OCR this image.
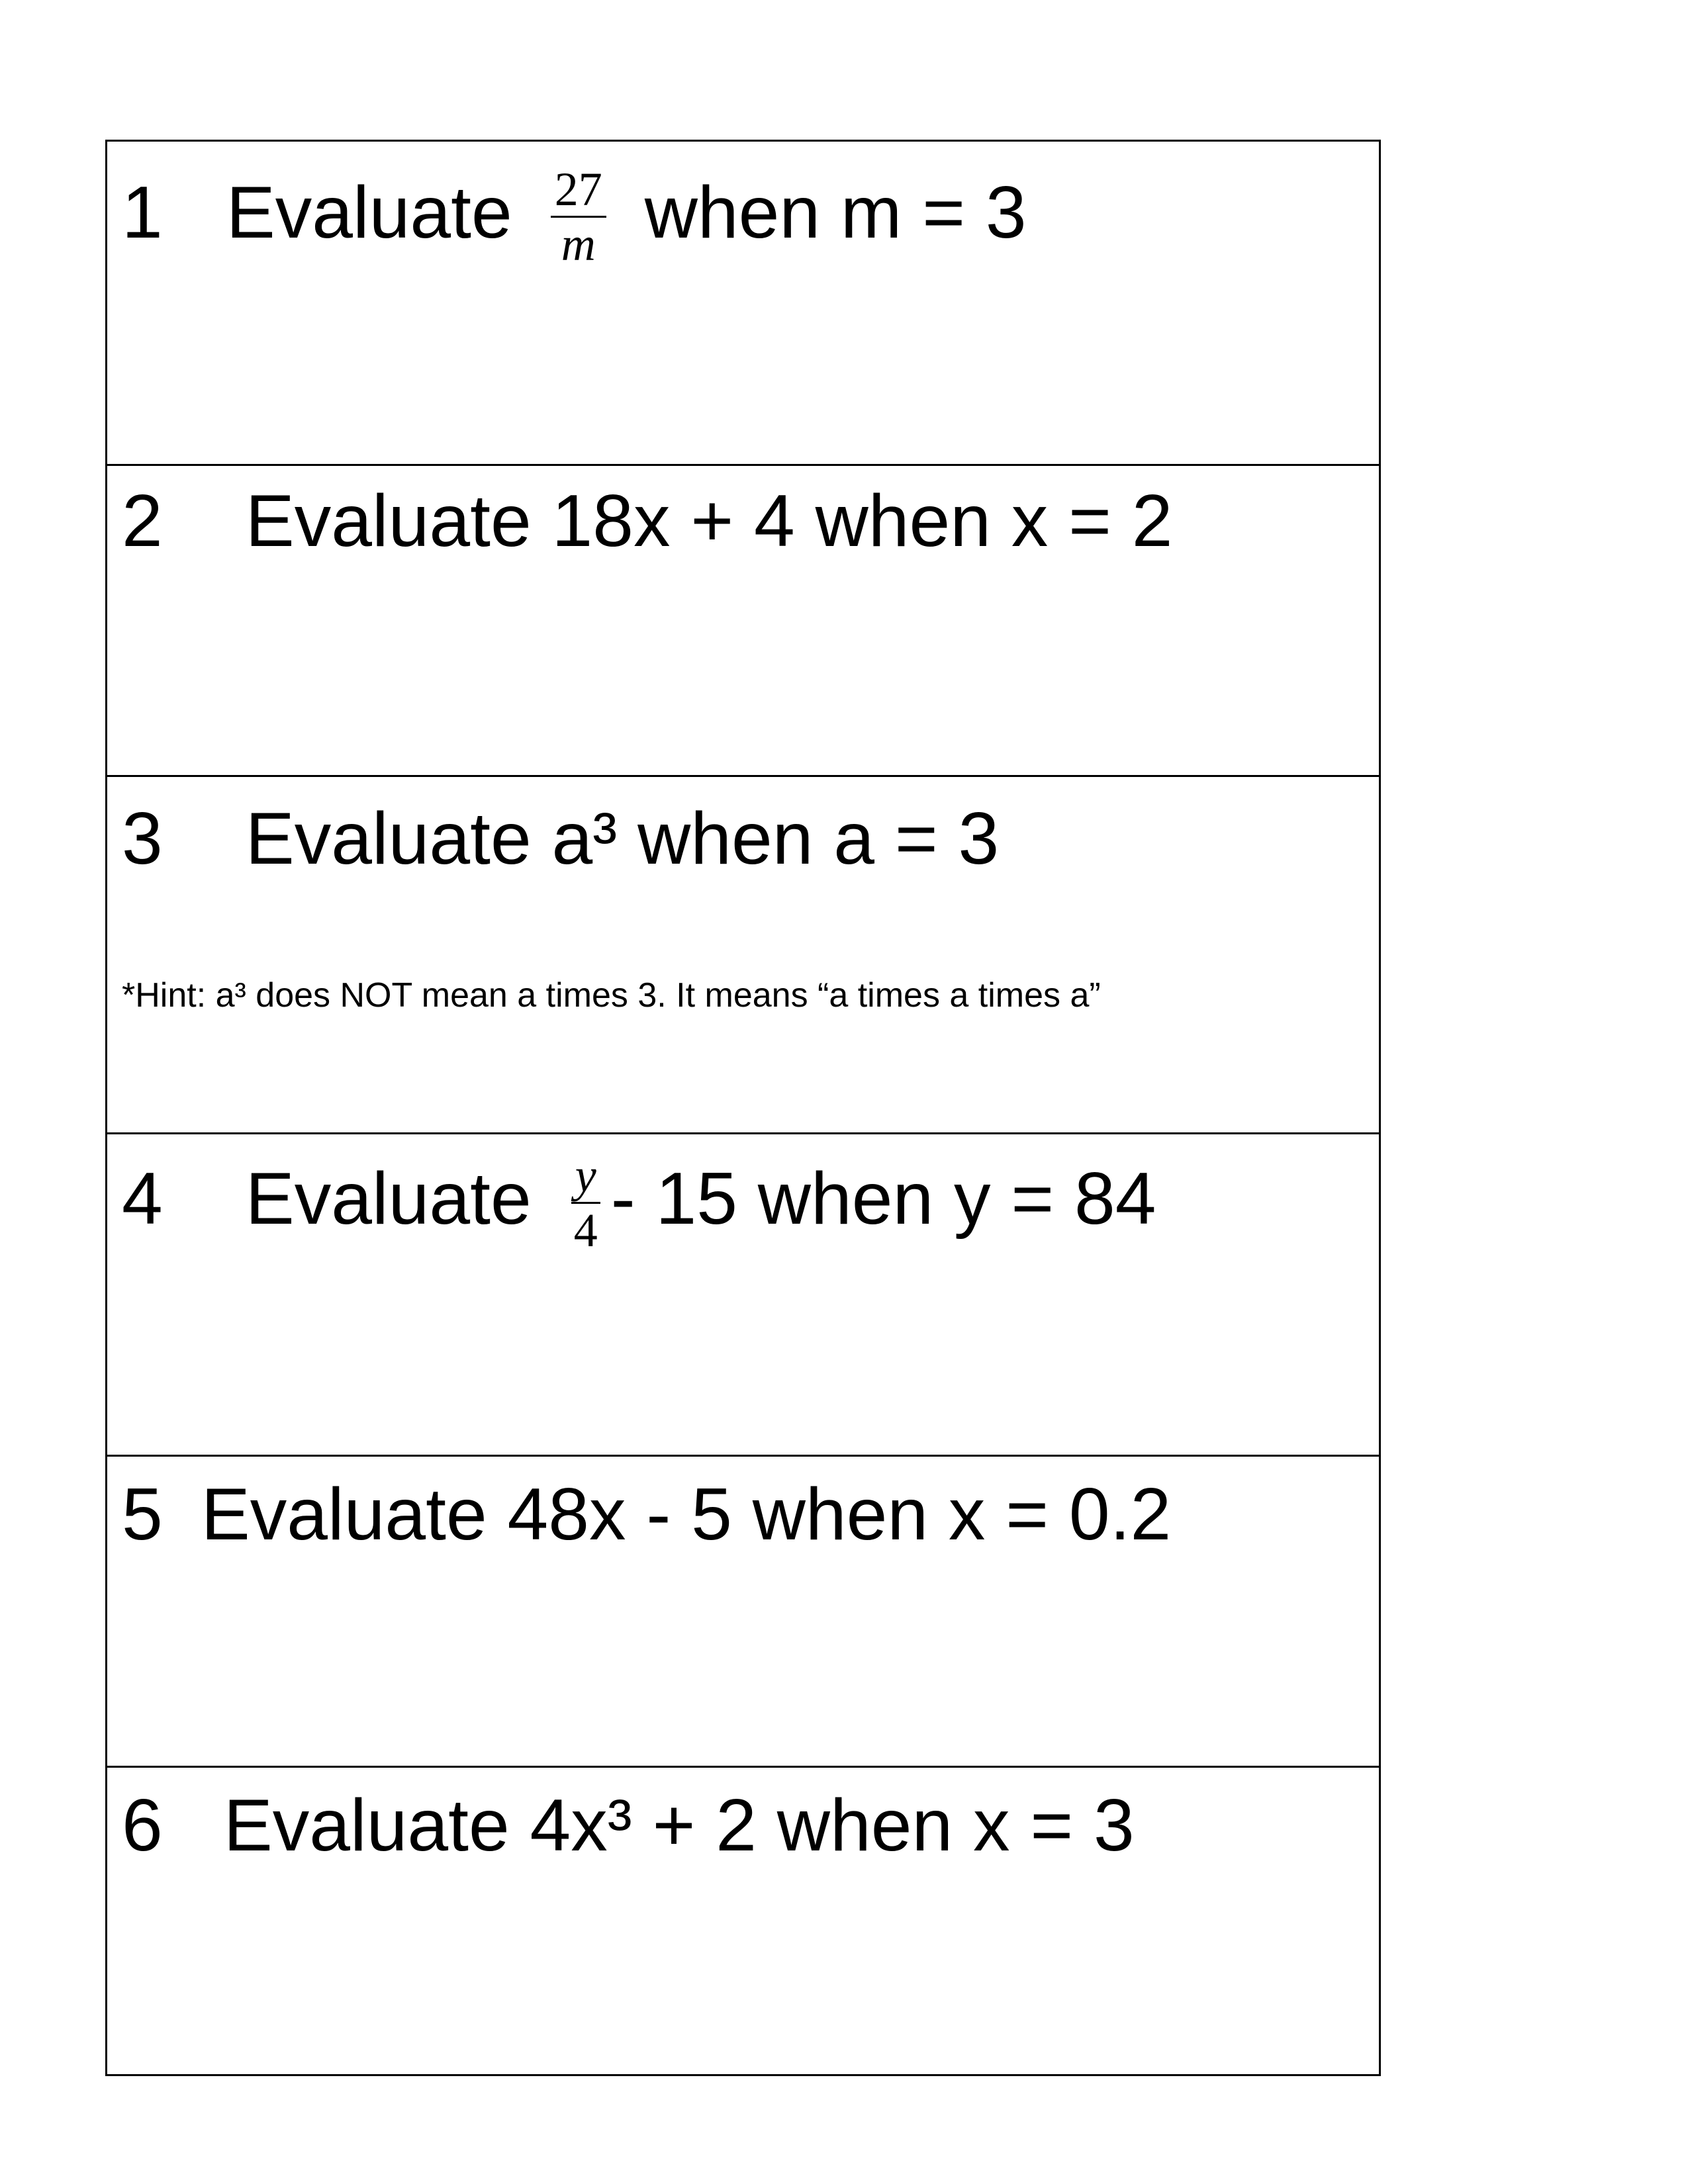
1 Evaluate $\frac{27}{m}$ when m = 3
2 Evaluate 18x + 4 when x = 2
3 Evaluate a³ when a = 3
*Hint: a³ does NOT mean a times 3. It means “a times a times a”
4 Evaluate $\frac{y}{4} - 15$ when y = 84
5 Evaluate 48x - 5 when x = 0.2
6 Evaluate 4x³ + 2 when x = 3
